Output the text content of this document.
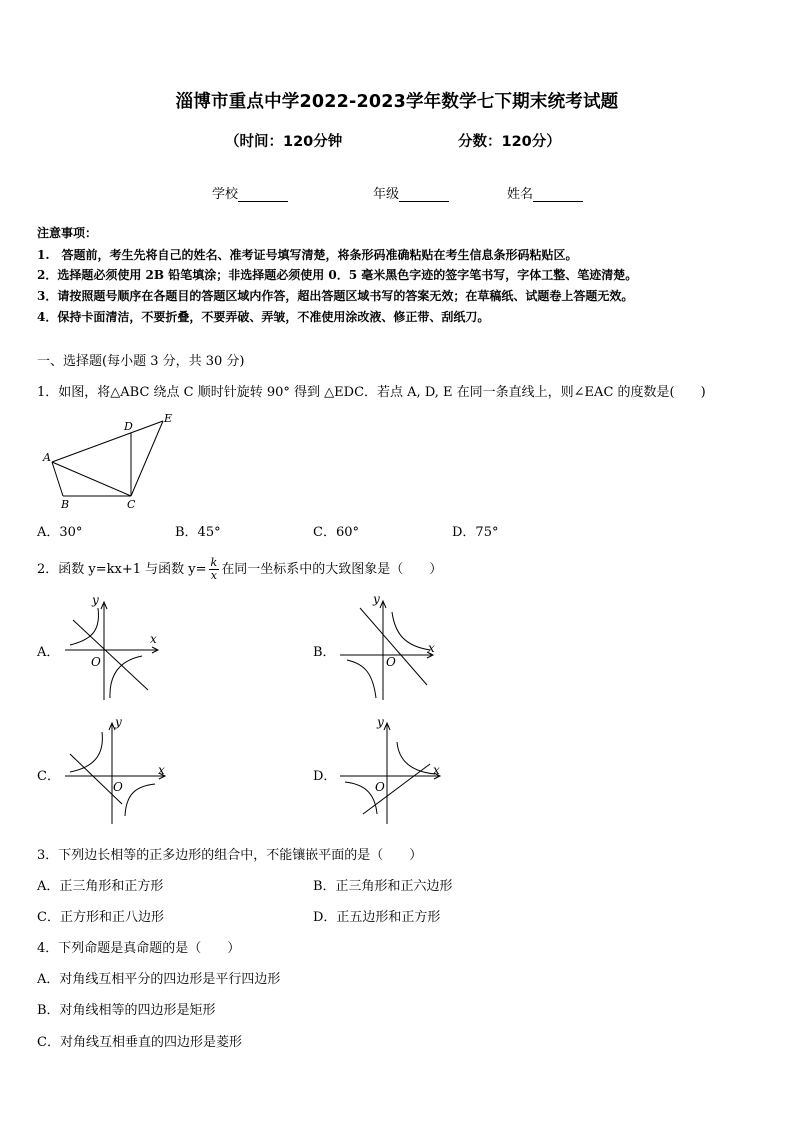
淄博市重点中学2022-2023学年数学七下期末统考试题
（时间：120分钟	分数：120分）
学校	年级	姓名
注意事项：
1.　答题前，考生先将自己的姓名、准考证号填写清楚，将条形码准确粘贴在考生信息条形码粘贴区。
2．选择题必须使用 2B 铅笔填涂；非选择题必须使用 0．5 毫米黑色字迹的签字笔书写，字体工整、笔迹清楚。
3．请按照题号顺序在各题目的答题区域内作答，超出答题区域书写的答案无效；在草稿纸、试题卷上答题无效。
4．保持卡面清洁，不要折叠，不要弄破、弄皱，不准使用涂改液、修正带、刮纸刀。
一、选择题(每小题 3 分，共 30 分)
1．如图，将△ABC 绕点 C 顺时针旋转 90° 得到 △EDC．若点 A, D, E 在同一条直线上，则∠EAC 的度数是(　　)
A
B	C
D
E
A．30°	B．45°	C．60°	D．75°
2．函数 y=kx+1 与函数 $y= \frac{k}{x}$ 在同一坐标系中的大致图象是（　　）
A．	B．
C．	D．
x
y
O
x
y
O
x
y
O
x
y
O
3．下列边长相等的正多边形的组合中，不能镶嵌平面的是（　　）
A．正三角形和正方形	B．正三角形和正六边形
C．正方形和正八边形	D．正五边形和正方形
4．下列命题是真命题的是（　　）
A．对角线互相平分的四边形是平行四边形
B．对角线相等的四边形是矩形
C．对角线互相垂直的四边形是菱形
